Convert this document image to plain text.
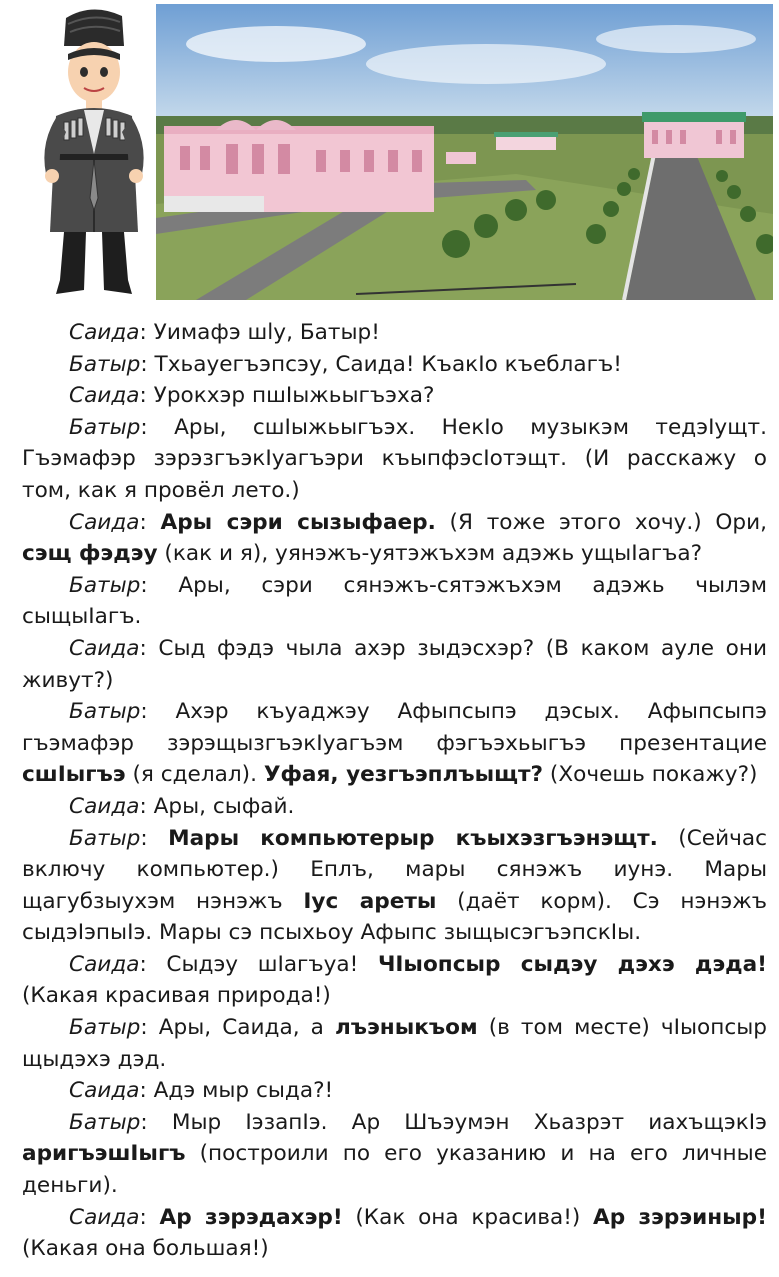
Саида: Уимафэ шlу, Батыр!

Батыр: Тхьауегъэпсэу, Саида! КъакIо къеблагъ!

Саида: Урокхэр пшIыжьыгъэха?

Батыр: Ары, сшIыжьыгъэх. НекIо музыкэм тедэIущт. Гъэмафэр зэрэзгъэкIуагъэри къыпфэсIотэщт. (И расскажу о том, как я провёл лето.)

Саида: Ары сэри сызыфаер. (Я тоже этого хочу.) Ори, сэщ фэдэу (как и я), уянэжъ-уятэжъхэм адэжь ущыIагъа?

Батыр: Ары, сэри сянэжъ-сятэжъхэм адэжь чылэм сыщыIагъ.

Саида: Сыд фэдэ чыла ахэр зыдэсхэр? (В каком ауле они живут?)

Батыр: Ахэр къуаджэу Афыпсыпэ дэсых. Афыпсыпэ гъэмафэр зэрэщызгъэкIуагъэм фэгъэхьыгъэ презентацие сшIыгъэ (я сделал). Уфая, уезгъэплъыщт? (Хочешь покажу?)

Саида: Ары, сыфай.

Батыр: Мары компьютерыр къыхэзгъэнэщт. (Сейчас включу компьютер.) Еплъ, мары сянэжъ иунэ. Мары щагубзыухэм нэнэжъ Iус ареты (даёт корм). Сэ нэнэжъ сыдэIэпыIэ. Мары сэ псыхьоу Афыпс зыщысэгъэпскIы.

Саида: Сыдэу шIагъуа! ЧIыопсыр сыдэу дэхэ дэда! (Какая красивая природа!)

Батыр: Ары, Саида, а лъэныкъом (в том месте) чIыопсыр щыдэхэ дэд.

Саида: Адэ мыр сыда?!

Батыр: Мыр IэзапIэ. Ар Шъэумэн Хьазрэт иахъщэкIэ аригъэшIыгъ (построили по его указанию и на его личные деньги).

Саида: Ар зэрэдахэр! (Как она красива!) Ар зэрэиныр! (Какая она большая!)
